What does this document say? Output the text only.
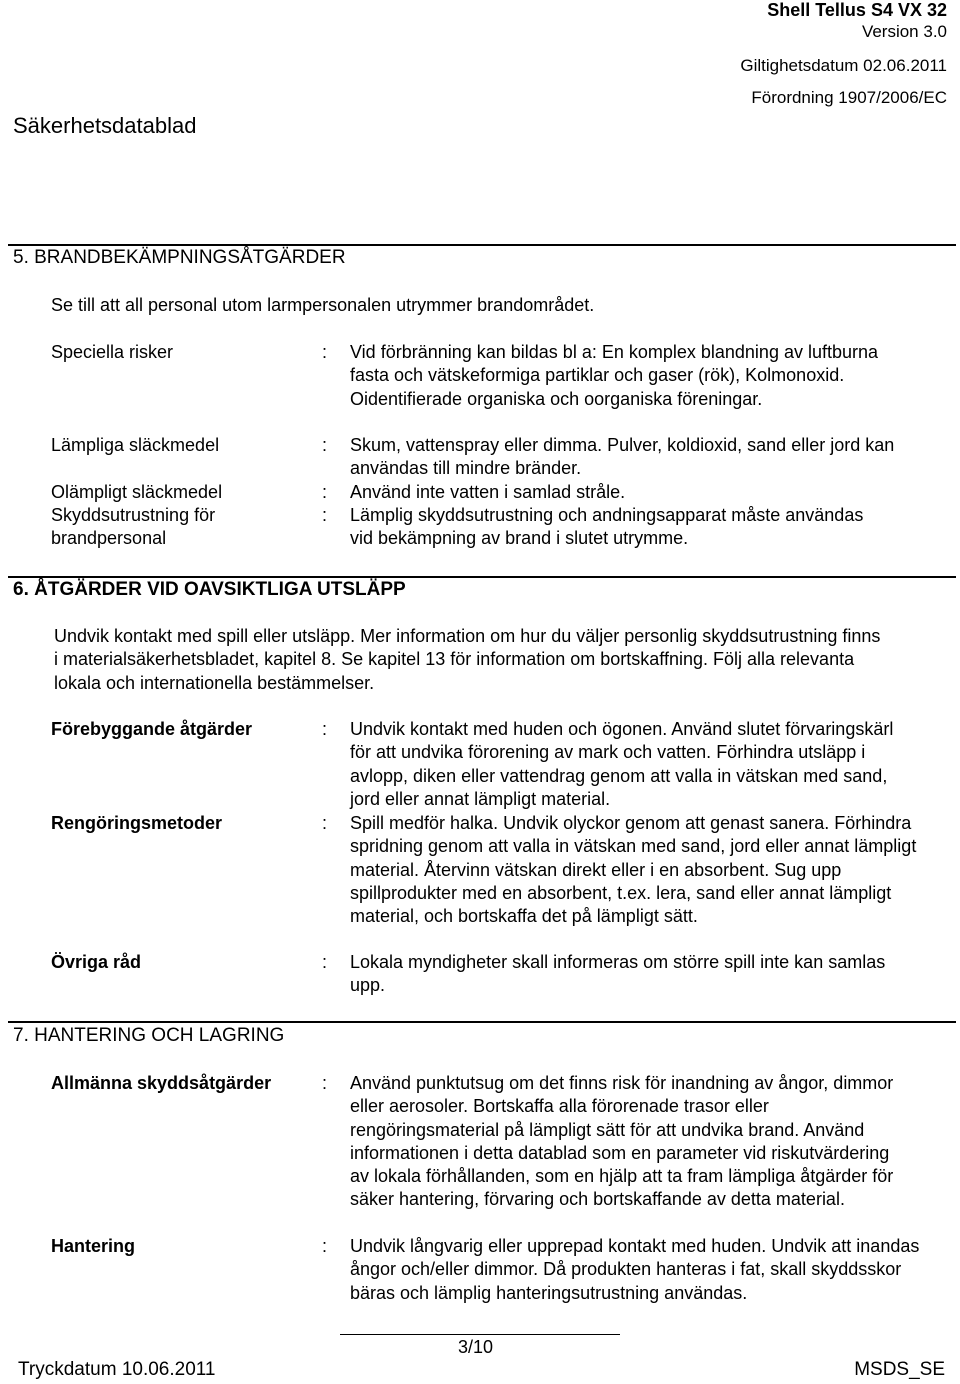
Shell Tellus S4 VX 32
Version 3.0
Giltighetsdatum 02.06.2011
Förordning 1907/2006/EC
Säkerhetsdatablad
5. BRANDBEKÄMPNINGSÅTGÄRDER
Se till att all personal utom larmpersonalen utrymmer brandområdet.
Speciella risker	: Vid förbränning kan bildas bl a: En komplex blandning av luftburna fasta och vätskeformiga partiklar och gaser (rök), Kolmonoxid. Oidentifierade organiska och oorganiska föreningar.
Lämpliga släckmedel	: Skum, vattenspray eller dimma. Pulver, koldioxid, sand eller jord kan användas till mindre bränder.
Olämpligt släckmedel	: Använd inte vatten i samlad stråle.
Skyddsutrustning för brandpersonal
: Lämplig skyddsutrustning och andningsapparat måste användas vid bekämpning av brand i slutet utrymme.
6. ÅTGÄRDER VID OAVSIKTLIGA UTSLÄPP
Undvik kontakt med spill eller utsläpp. Mer information om hur du väljer personlig skyddsutrustning finns i materialsäkerhetsbladet, kapitel 8. Se kapitel 13 för information om bortskaffning. Följ alla relevanta lokala och internationella bestämmelser.
Förebyggande åtgärder	: Undvik kontakt med huden och ögonen. Använd slutet förvaringskärl för att undvika förorening av mark och vatten. Förhindra utsläpp i avlopp, diken eller vattendrag genom att valla in vätskan med sand, jord eller annat lämpligt material.
Rengöringsmetoder	: Spill medför halka. Undvik olyckor genom att genast sanera. Förhindra spridning genom att valla in vätskan med sand, jord eller annat lämpligt material. Återvinn vätskan direkt eller i en absorbent. Sug upp spillprodukter med en absorbent, t.ex. lera, sand eller annat lämpligt material, och bortskaffa det på lämpligt sätt.
Övriga råd	: Lokala myndigheter skall informeras om större spill inte kan samlas upp.
7. HANTERING OCH LAGRING
Allmänna skyddsåtgärder	: Använd punktutsug om det finns risk för inandning av ångor, dimmor eller aerosoler. Bortskaffa alla förorenade trasor eller rengöringsmaterial på lämpligt sätt för att undvika brand. Använd informationen i detta datablad som en parameter vid riskutvärdering av lokala förhållanden, som en hjälp att ta fram lämpliga åtgärder för säker hantering, förvaring och bortskaffande av detta material.
Hantering	: Undvik långvarig eller upprepad kontakt med huden. Undvik att inandas ångor och/eller dimmor. Då produkten hanteras i fat, skall skyddsskor bäras och lämplig hanteringsutrustning användas.
3/10
Tryckdatum 10.06.2011	MSDS_SE
